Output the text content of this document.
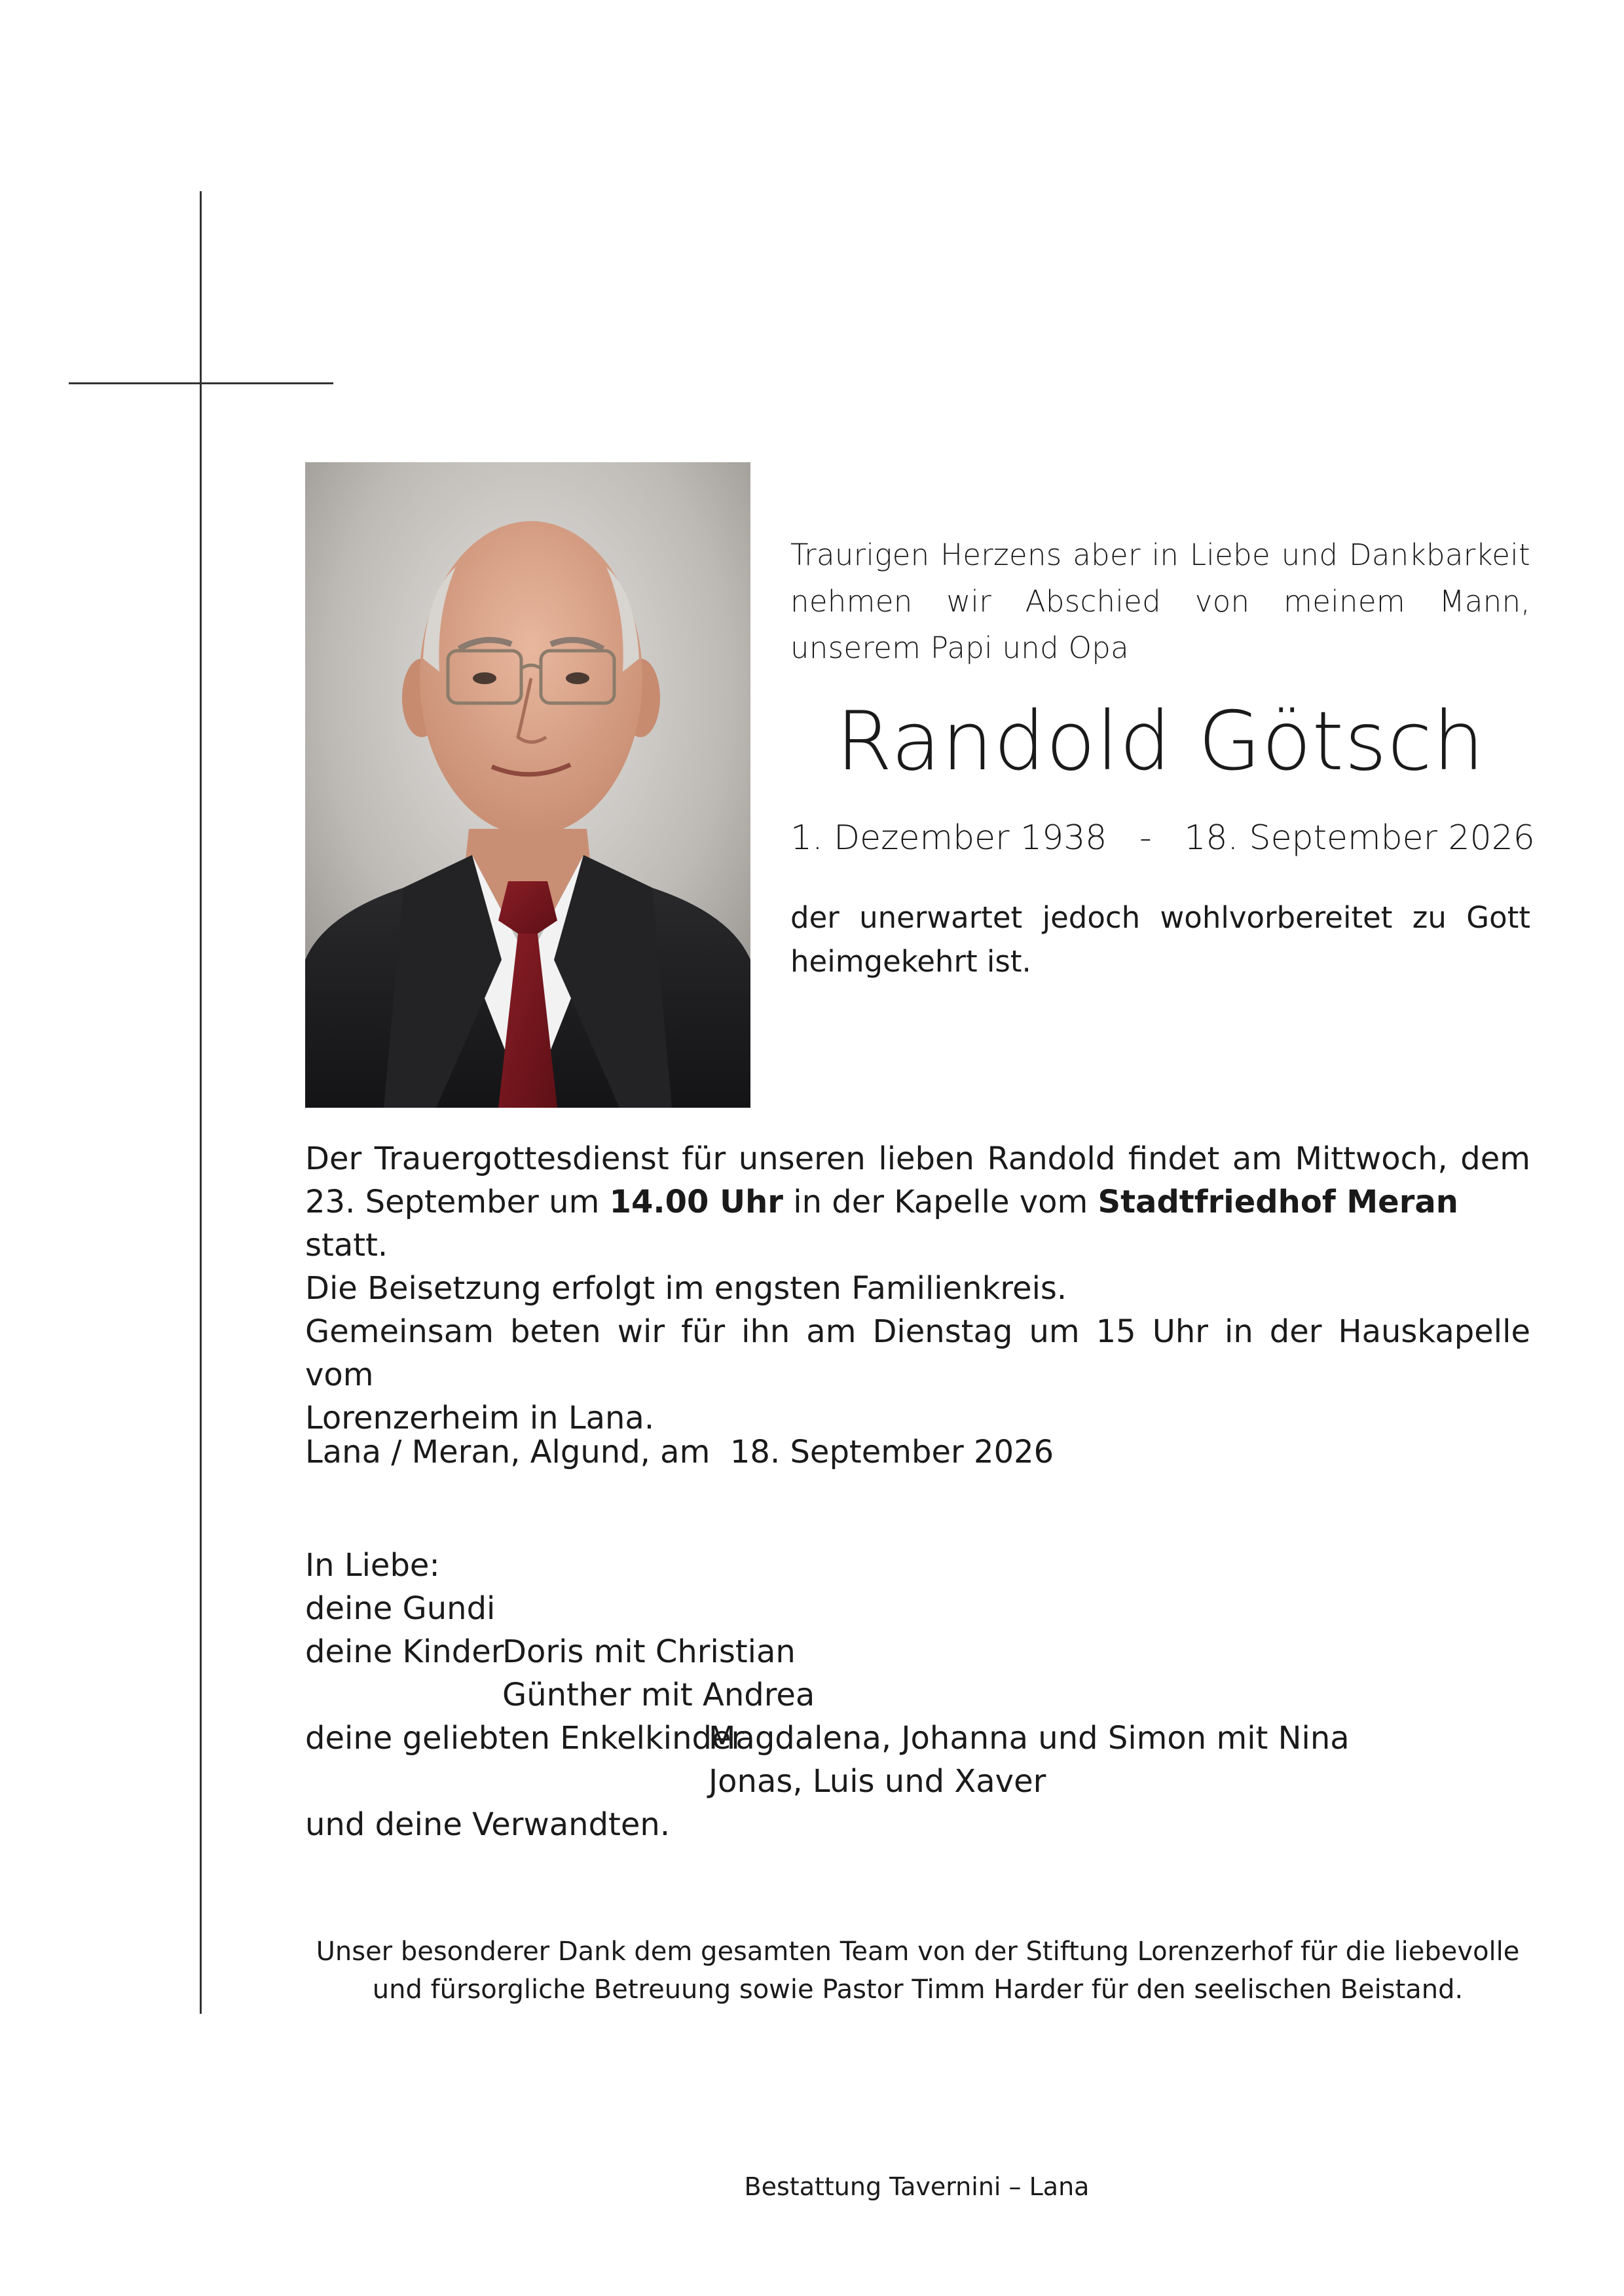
Traurigen Herzens aber in Liebe und Dankbarkeit nehmen wir Abschied von meinem Mann, unserem Papi und Opa
Randold Götsch
1. Dezember 1938 - 18. September 2026
der unerwartet jedoch wohlvorbereitet zu Gott heimgekehrt ist.
Der Trauergottesdienst für unseren lieben Randold findet am Mittwoch, dem
23. September um 14.00 Uhr in der Kapelle vom Stadtfriedhof Meran statt.
Die Beisetzung erfolgt im engsten Familienkreis.
Gemeinsam beten wir für ihn am Dienstag um 15 Uhr in der Hauskapelle vom
Lorenzerheim in Lana.
Lana / Meran, Algund, am  18. September 2026
In Liebe:
deine Gundi
deine Kinder
Doris mit Christian
Günther mit Andrea
deine geliebten Enkelkinder
Magdalena, Johanna und Simon mit Nina
Jonas, Luis und Xaver
und deine Verwandten.
Unser besonderer Dank dem gesamten Team von der Stiftung Lorenzerhof für die liebevolle
und fürsorgliche Betreuung sowie Pastor Timm Harder für den seelischen Beistand.
Bestattung Tavernini – Lana
